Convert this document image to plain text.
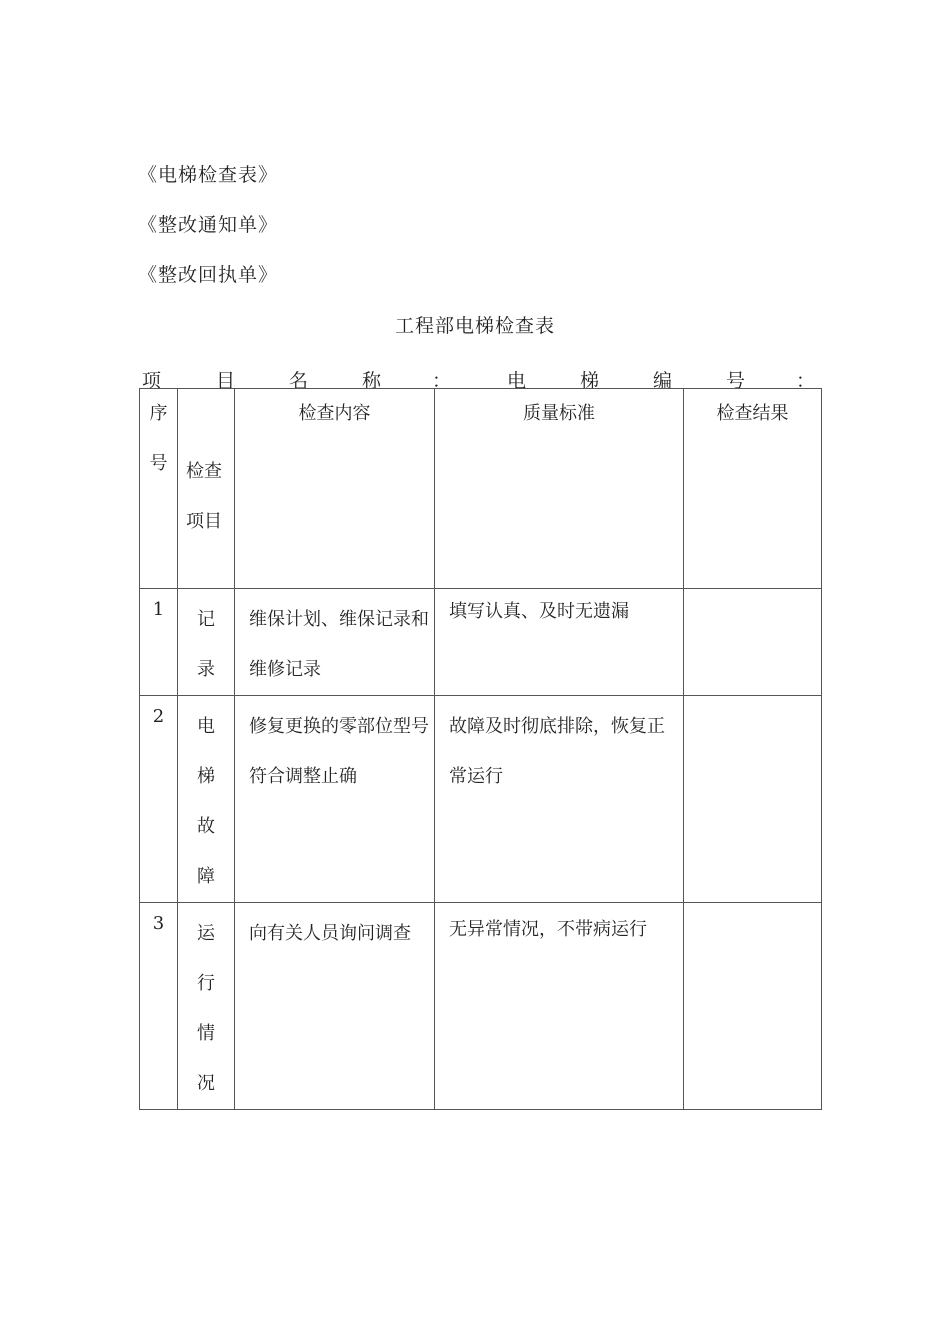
《电梯检查表》
《整改通知单》
《整改回执单》
工程部电梯检查表
项	目	名	称	：	电	梯	编	号	：
序号	检查项目	检查内容	质量标准	检查结果
1	记录	维保计划、维保记录和维修记录	填写认真、及时无遗漏	
2	电梯故障	修复更换的零部位型号符合调整止确	故障及时彻底排除，恢复正常运行	
3	运行情况	向有关人员询问调查	无异常情况，不带病运行	
